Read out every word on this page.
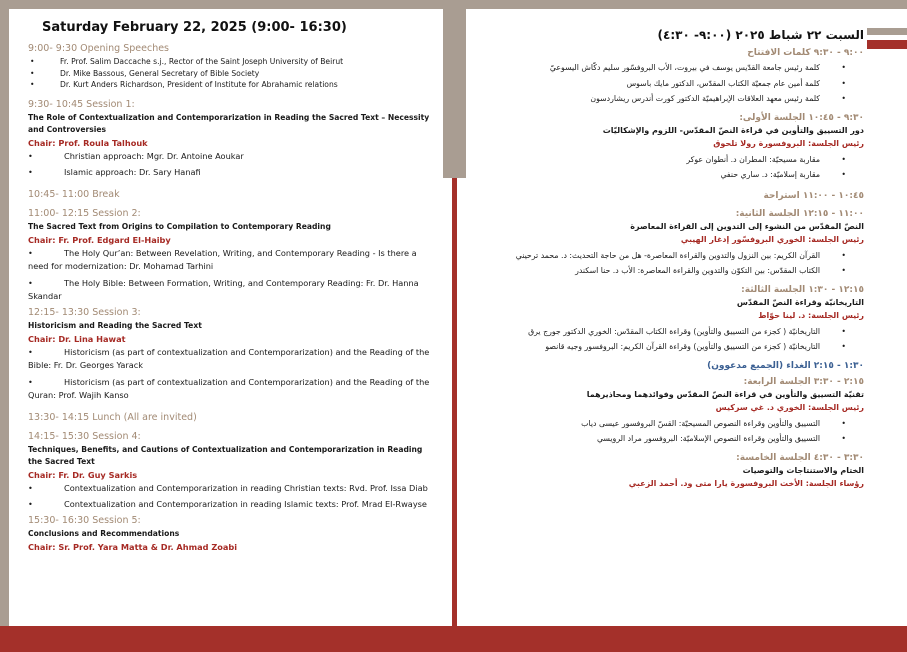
Saturday February 22, 2025 (9:00- 16:30)
9:00- 9:30 Opening Speeches
• Fr. Prof. Salim Daccache s.j., Rector of the Saint Joseph University of Beirut
• Dr. Mike Bassous, General Secretary of Bible Society
• Dr. Kurt Anders Richardson, President of Institute for Abrahamic relations
9:30- 10:45 Session 1:
The Role of Contextualization and Contemporarization in Reading the Sacred Text – Necessity and Controversies
Chair: Prof. Roula Talhouk
•	Christian approach: Mgr. Dr. Antoine Aoukar
•	Islamic approach: Dr. Sary Hanafi
10:45- 11:00 Break
11:00- 12:15 Session 2:
The Sacred Text from Origins to Compilation to Contemporary Reading
Chair: Fr. Prof. Edgard El-Haiby
•	The Holy Qur’an: Between Revelation, Writing, and Contemporary Reading - Is there a need for modernization: Dr. Mohamad Tarhini
•	The Holy Bible: Between Formation, Writing, and Contemporary Reading: Fr. Dr. Hanna Skandar
12:15- 13:30 Session 3:
Historicism and Reading the Sacred Text
Chair: Dr. Lina Hawat
•	Historicism (as part of contextualization and Contemporarization) and the Reading of the Bible: Fr. Dr. Georges Yarack
•	Historicism (as part of contextualization and Contemporarization) and the Reading of the Quran: Prof. Wajih Kanso
13:30- 14:15 Lunch (All are invited)
14:15- 15:30 Session 4:
Techniques, Benefits, and Cautions of Contextualization and Contemporarization in Reading the Sacred Text
Chair: Fr. Dr. Guy Sarkis
•	Contextualization and Contemporarization in reading Christian texts: Rvd. Prof. Issa Diab
•	Contextualization and Contemporarization in reading Islamic texts: Prof. Mrad El-Rwayse
15:30- 16:30 Session 5:
Conclusions and Recommendations
Chair: Sr. Prof. Yara Matta & Dr. Ahmad Zoabi
السبت ٢٢ شباط ٢٠٢٥ (٩:٠٠- ٤:٣٠)
٩:٠٠ - ٩:٣٠ كلمات الافتتاح
• كلمة رئيس جامعة القدّيس يوسف في بيروت، الأب البروفسّور سليم دكّاش اليسوعيّ
• كلمة أمين عام جمعيّة الكتاب المقدّس، الدكتور مايك باسوس
• كلمة رئيس معهد العلاقات الإبراهيميّة الدكتور كورت أندرس ريشاردسون
٩:٣٠ - ١٠:٤٥ الجلسة الأولى:
دور التسييق والتأوين في قراءة النصّ المقدّس- اللزوم والإشكاليّات
رئيس الجلسة: البروفسورة رولا تلحوق
• مقاربة مسيحيّة: المطران د. أنطوان عوكر
• مقاربة إسلاميّة: د. ساري حنفي
١٠:٤٥ - ١١:٠٠ استراحة
١١:٠٠ - ١٢:١٥ الجلسة الثانية:
النصّ المقدّس من النشوء إلى التدوين إلى القراءة المعاصرة
رئيس الجلسة: الخوري البروفسّور إدغار الهيبي
• القرآن الكريم: بين النزول والتدوين والقراءة المعاصرة- هل من حاجة التحديث: د. محمد ترحيني
• الكتاب المقدّس: بين التكوّن والتدوين والقراءة المعاصرة: الأب د. حنا اسكندر
١٢:١٥ - ١:٣٠ الجلسة الثالثة:
التاريخانيّة وقراءة النصّ المقدّس
رئيس الجلسة: د. لينا حوّاط
• التاريخانيّة ( كجزء من التسييق والتأوين) وقراءة الكتاب المقدّس: الخوري الدكتور جورج يرق
• التاريخانيّة ( كجزء من التسييق والتأوين) وقراءة القرآن الكريم: البروفسور وجيه قانصو
١:٣٠ - ٢:١٥ الغداء (الجميع مدعوون)
٢:١٥ - ٣:٣٠ الجلسة الرابعة:
تقنيّة التسييق والتأوين في قراءة النصّ المقدّس وفوائدهما ومحاذيرهما
رئيس الجلسة: الخوري د. غي سركيس
• التسييق والتأوين وقراءة النصوص المسيحيّة: القسّ البروفسور عيسى دياب
• التسييق والتأوين وقراءة النصوص الإسلاميّة: البروفسور مراد الرويسي
٣:٣٠ - ٤:٣٠ الجلسة الخامسة:
الختام والاستنتاجات والتوصيات
رؤساء الجلسة: الأخت البروفسورة يارا متى ود. أحمد الزعبي
